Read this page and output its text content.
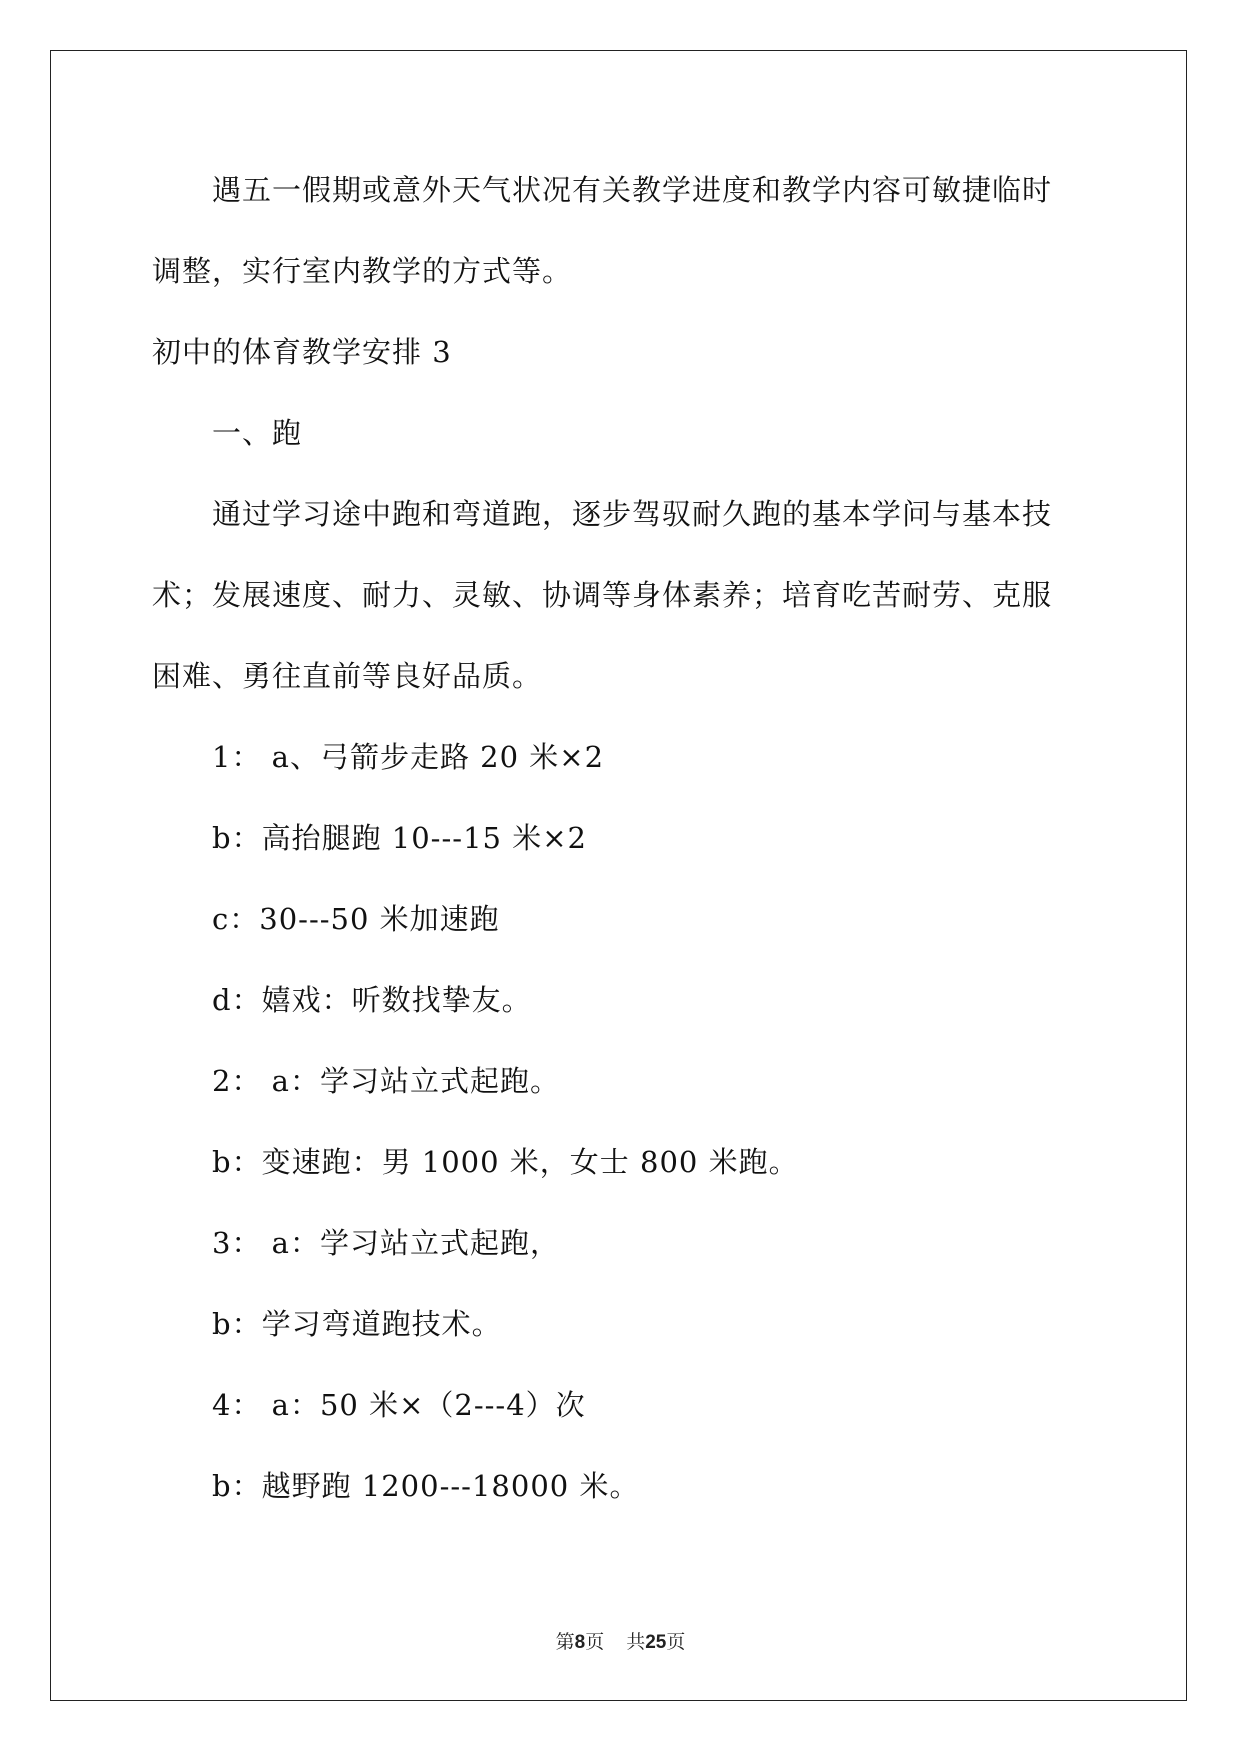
遇五一假期或意外天气状况有关教学进度和教学内容可敏捷临时
调整，实行室内教学的方式等。
初中的体育教学安排 3
一、跑
通过学习途中跑和弯道跑，逐步驾驭耐久跑的基本学问与基本技
术；发展速度、耐力、灵敏、协调等身体素养；培育吃苦耐劳、克服
困难、勇往直前等良好品质。
1： a、弓箭步走路 20 米×2
b：高抬腿跑 10---15 米×2
c：30---50 米加速跑
d：嬉戏：听数找挚友。
2： a：学习站立式起跑。
b：变速跑：男 1000 米，女士 800 米跑。
3： a：学习站立式起跑，
b：学习弯道跑技术。
4： a：50 米×（2---4）次
b：越野跑 1200---18000 米。
第8页 共25页
